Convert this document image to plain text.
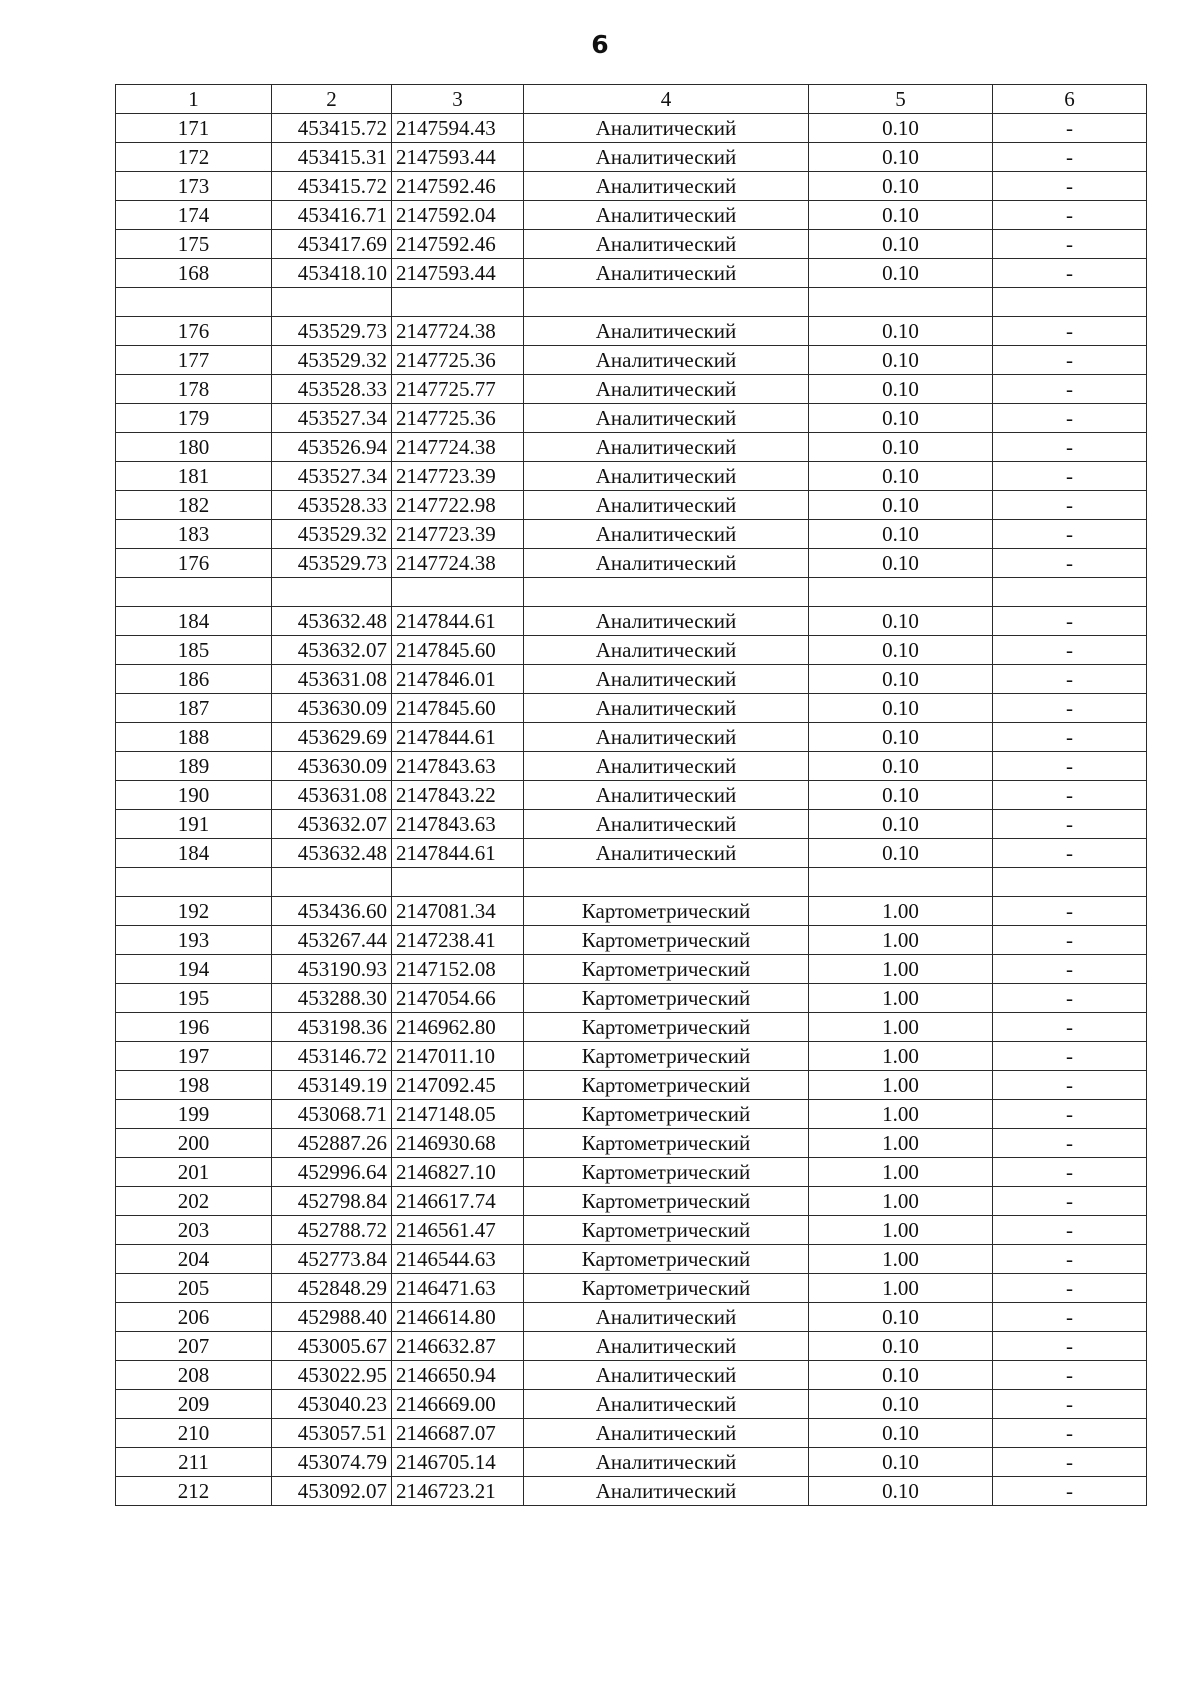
6
1	2	3	4	5	6
171	453415.72	2147594.43	Аналитический	0.10	-
172	453415.31	2147593.44	Аналитический	0.10	-
173	453415.72	2147592.46	Аналитический	0.10	-
174	453416.71	2147592.04	Аналитический	0.10	-
175	453417.69	2147592.46	Аналитический	0.10	-
168	453418.10	2147593.44	Аналитический	0.10	-

176	453529.73	2147724.38	Аналитический	0.10	-
177	453529.32	2147725.36	Аналитический	0.10	-
178	453528.33	2147725.77	Аналитический	0.10	-
179	453527.34	2147725.36	Аналитический	0.10	-
180	453526.94	2147724.38	Аналитический	0.10	-
181	453527.34	2147723.39	Аналитический	0.10	-
182	453528.33	2147722.98	Аналитический	0.10	-
183	453529.32	2147723.39	Аналитический	0.10	-
176	453529.73	2147724.38	Аналитический	0.10	-

184	453632.48	2147844.61	Аналитический	0.10	-
185	453632.07	2147845.60	Аналитический	0.10	-
186	453631.08	2147846.01	Аналитический	0.10	-
187	453630.09	2147845.60	Аналитический	0.10	-
188	453629.69	2147844.61	Аналитический	0.10	-
189	453630.09	2147843.63	Аналитический	0.10	-
190	453631.08	2147843.22	Аналитический	0.10	-
191	453632.07	2147843.63	Аналитический	0.10	-
184	453632.48	2147844.61	Аналитический	0.10	-

192	453436.60	2147081.34	Картометрический	1.00	-
193	453267.44	2147238.41	Картометрический	1.00	-
194	453190.93	2147152.08	Картометрический	1.00	-
195	453288.30	2147054.66	Картометрический	1.00	-
196	453198.36	2146962.80	Картометрический	1.00	-
197	453146.72	2147011.10	Картометрический	1.00	-
198	453149.19	2147092.45	Картометрический	1.00	-
199	453068.71	2147148.05	Картометрический	1.00	-
200	452887.26	2146930.68	Картометрический	1.00	-
201	452996.64	2146827.10	Картометрический	1.00	-
202	452798.84	2146617.74	Картометрический	1.00	-
203	452788.72	2146561.47	Картометрический	1.00	-
204	452773.84	2146544.63	Картометрический	1.00	-
205	452848.29	2146471.63	Картометрический	1.00	-
206	452988.40	2146614.80	Аналитический	0.10	-
207	453005.67	2146632.87	Аналитический	0.10	-
208	453022.95	2146650.94	Аналитический	0.10	-
209	453040.23	2146669.00	Аналитический	0.10	-
210	453057.51	2146687.07	Аналитический	0.10	-
211	453074.79	2146705.14	Аналитический	0.10	-
212	453092.07	2146723.21	Аналитический	0.10	-
